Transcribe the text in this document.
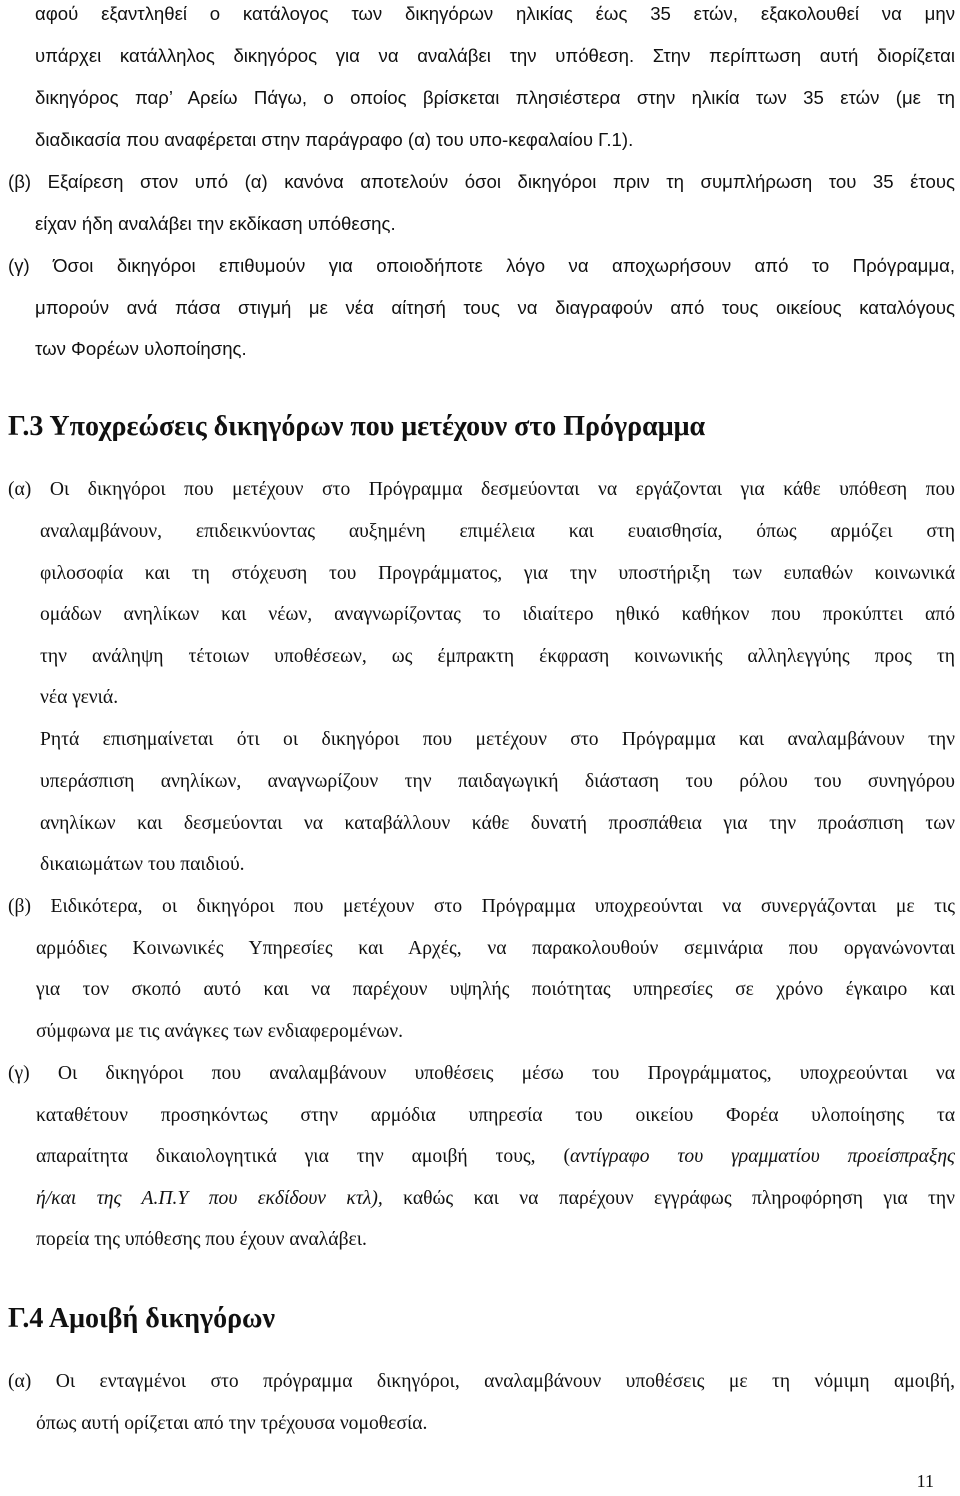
αφού εξαντληθεί ο κατάλογος των δικηγόρων ηλικίας έως 35 ετών, εξακολουθεί να μην
υπάρχει κατάλληλος δικηγόρος για να αναλάβει την υπόθεση. Στην περίπτωση αυτή διορίζεται
δικηγόρος παρ’ Αρείω Πάγω, ο οποίος βρίσκεται πλησιέστερα στην ηλικία των 35 ετών (με τη
διαδικασία που αναφέρεται στην παράγραφο (α) του υπο-κεφαλαίου Γ.1).
(β) Εξαίρεση στον υπό (α) κανόνα αποτελούν όσοι δικηγόροι πριν τη συμπλήρωση του 35 έτους
είχαν ήδη αναλάβει την εκδίκαση υπόθεσης.
(γ) Όσοι δικηγόροι επιθυμούν για οποιοδήποτε λόγο να αποχωρήσουν από το Πρόγραμμα,
μπορούν ανά πάσα στιγμή με νέα αίτησή τους να διαγραφούν από τους οικείους καταλόγους
των Φορέων υλοποίησης.
Γ.3 Υποχρεώσεις δικηγόρων που μετέχουν στο Πρόγραμμα
(α) Οι δικηγόροι που μετέχουν στο Πρόγραμμα δεσμεύονται να εργάζονται για κάθε υπόθεση που
αναλαμβάνουν, επιδεικνύοντας αυξημένη επιμέλεια και ευαισθησία, όπως αρμόζει στη
φιλοσοφία και τη στόχευση του Προγράμματος, για την υποστήριξη των ευπαθών κοινωνικά
ομάδων ανηλίκων και νέων, αναγνωρίζοντας το ιδιαίτερο ηθικό καθήκον που προκύπτει από
την ανάληψη τέτοιων υποθέσεων, ως έμπρακτη έκφραση κοινωνικής αλληλεγγύης προς τη
νέα γενιά.
Ρητά επισημαίνεται ότι οι δικηγόροι που μετέχουν στο Πρόγραμμα και αναλαμβάνουν την
υπεράσπιση ανηλίκων, αναγνωρίζουν την παιδαγωγική διάσταση του ρόλου του συνηγόρου
ανηλίκων και δεσμεύονται να καταβάλλουν κάθε δυνατή προσπάθεια για την προάσπιση των
δικαιωμάτων του παιδιού.
(β) Ειδικότερα, οι δικηγόροι που μετέχουν στο Πρόγραμμα υποχρεούνται να συνεργάζονται με τις
αρμόδιες Κοινωνικές Υπηρεσίες και Αρχές, να παρακολουθούν σεμινάρια που οργανώνονται
για τον σκοπό αυτό και να παρέχουν υψηλής ποιότητας υπηρεσίες σε χρόνο έγκαιρο και
σύμφωνα με τις ανάγκες των ενδιαφερομένων.
(γ)  Οι  δικηγόροι  που  αναλαμβάνουν  υποθέσεις  μέσω  του  Προγράμματος,  υποχρεούνται  να
καταθέτουν προσηκόντως στην αρμόδια υπηρεσία του οικείου Φορέα υλοποίησης τα
απαραίτητα δικαιολογητικά για την αμοιβή τους, (αντίγραφο του γραμματίου προείσπραξης
ή/και της Α.Π.Υ που εκδίδουν κτλ), καθώς και να παρέχουν εγγράφως πληροφόρηση για την
πορεία της υπόθεσης που έχουν αναλάβει.
Γ.4 Αμοιβή δικηγόρων
(α) Οι ενταγμένοι στο πρόγραμμα δικηγόροι, αναλαμβάνουν υποθέσεις με τη νόμιμη αμοιβή,
όπως αυτή ορίζεται από την τρέχουσα νομοθεσία.
11
